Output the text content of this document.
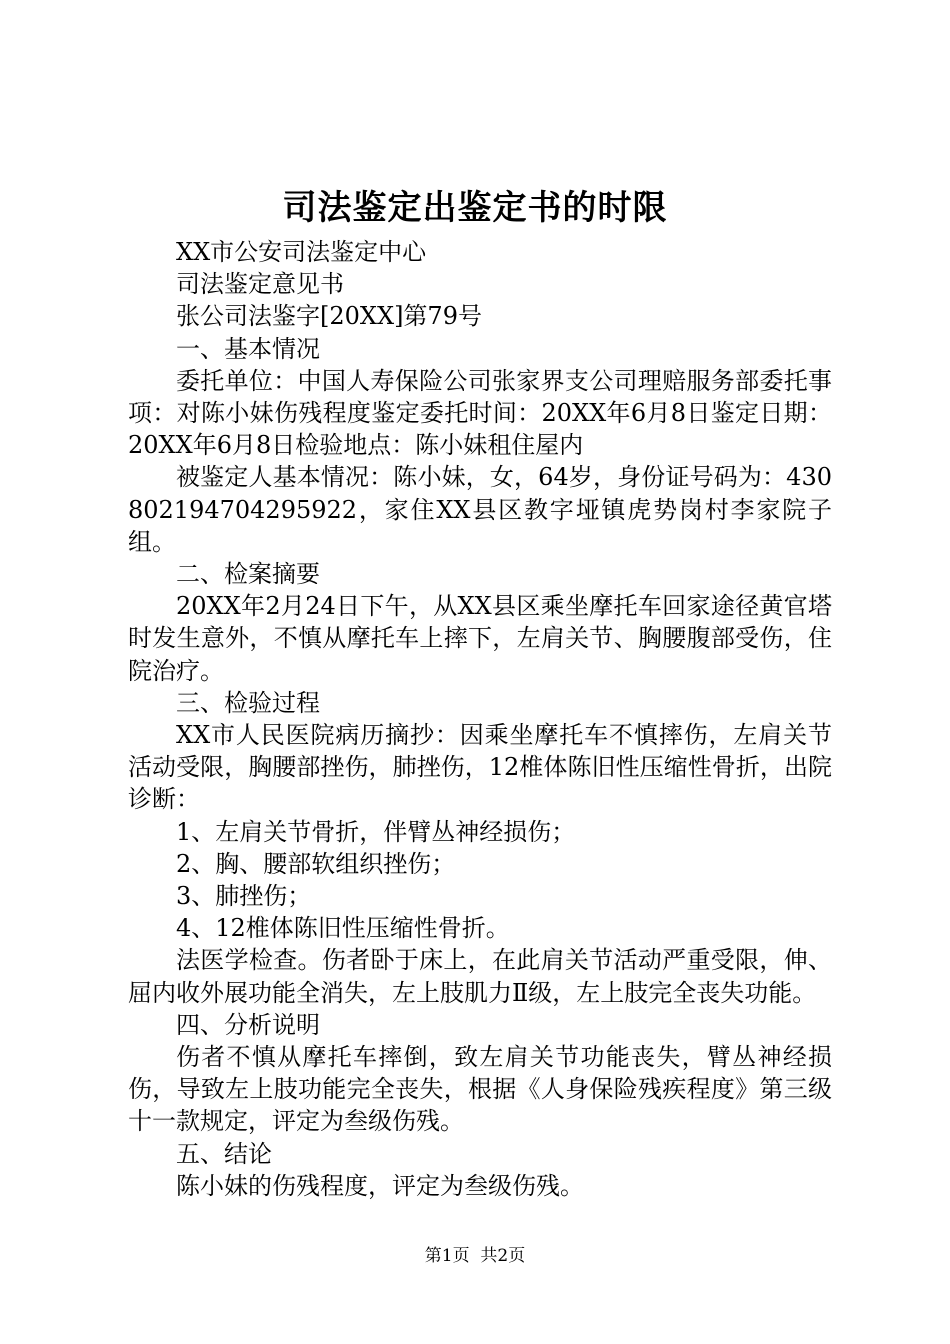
司法鉴定出鉴定书的时限

XX市公安司法鉴定中心

司法鉴定意见书

张公司法鉴字[20XX]第79号

一、基本情况

委托单位：中国人寿保险公司张家界支公司理赔服务部委托事项：对陈小妹伤残程度鉴定委托时间：20XX年6月8日鉴定日期：20XX年6月8日检验地点：陈小妹租住屋内

被鉴定人基本情况：陈小妹，女，64岁，身份证号码为：430802194704295922，家住XX县区教字垭镇虎势岗村李家院子组。

二、检案摘要

20XX年2月24日下午，从XX县区乘坐摩托车回家途径黄官塔时发生意外，不慎从摩托车上摔下，左肩关节、胸腰腹部受伤，住院治疗。

三、检验过程

XX市人民医院病历摘抄：因乘坐摩托车不慎摔伤，左肩关节活动受限，胸腰部挫伤，肺挫伤，12椎体陈旧性压缩性骨折，出院诊断：

1、左肩关节骨折，伴臂丛神经损伤；

2、胸、腰部软组织挫伤；

3、肺挫伤；

4、12椎体陈旧性压缩性骨折。

法医学检查。伤者卧于床上，在此肩关节活动严重受限，伸、屈内收外展功能全消失，左上肢肌力Ⅱ级，左上肢完全丧失功能。

四、分析说明

伤者不慎从摩托车摔倒，致左肩关节功能丧失，臂丛神经损伤，导致左上肢功能完全丧失，根据《人身保险残疾程度》第三级十一款规定，评定为叁级伤残。

五、结论

陈小妹的伤残程度，评定为叁级伤残。

第1页  共2页
